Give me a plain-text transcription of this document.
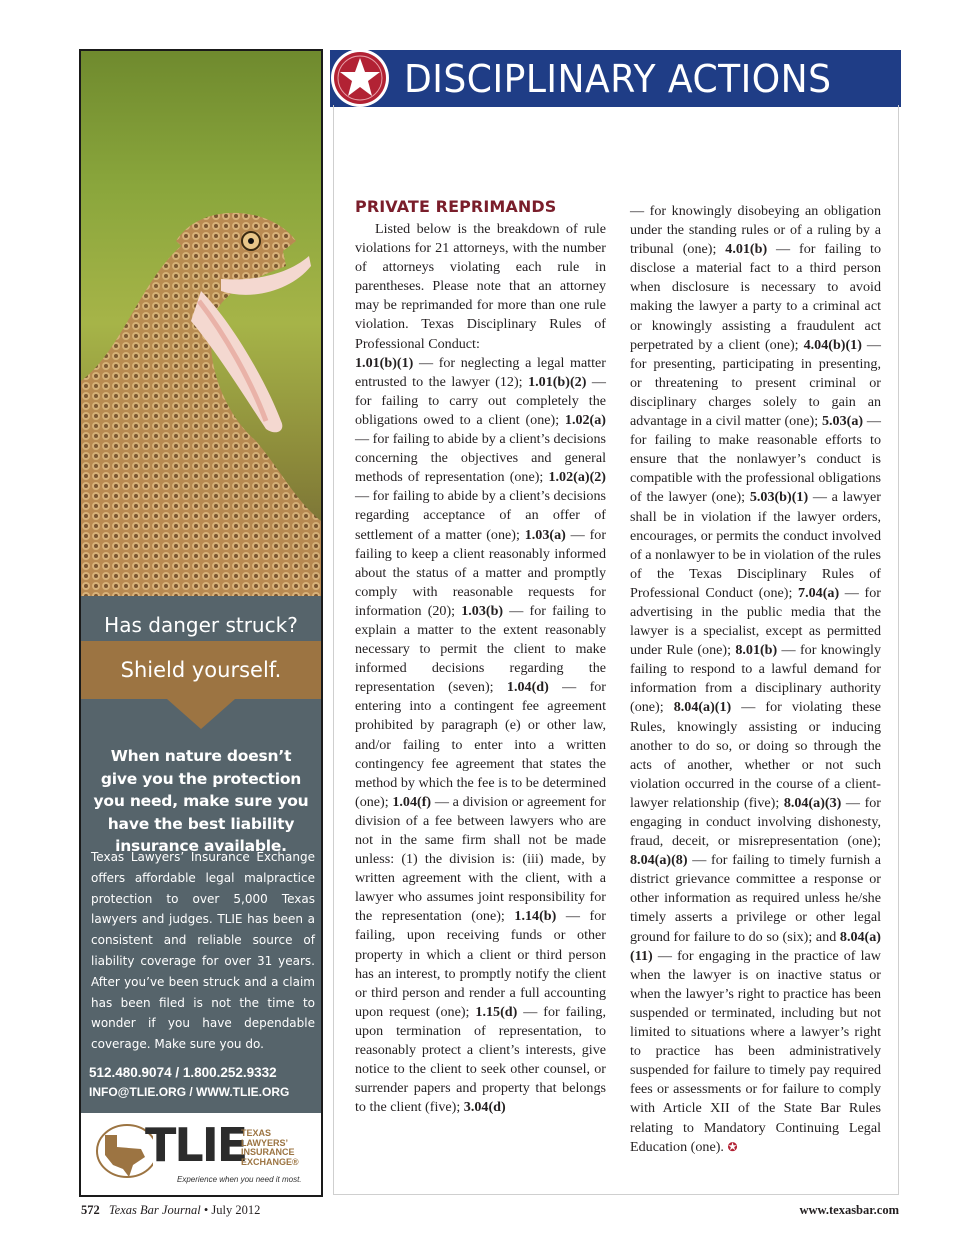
Has danger struck?
Shield yourself.
When nature doesn’t give you the protection you need, make sure you have the best liability insurance available.
Texas Lawyers’ Insurance Exchange offers affordable legal malpractice protection to over 5,000 Texas lawyers and judges. TLIE has been a consistent and reliable source of liability coverage for over 31 years. After you’ve been struck and a claim has been filed is not the time to wonder if you have dependable coverage. Make sure you do.
512.480.9074 / 1.800.252.9332
INFO@TLIE.ORG / WWW.TLIE.ORG
TLIE
TEXAS
LAWYERS’
INSURANCE
EXCHANGE®
Experience when you need it most.
DISCIPLINARY ACTIONS
PRIVATE REPRIMANDS

Listed below is the breakdown of rule violations for 21 attorneys, with the number of attorneys violating each rule in parentheses. Please note that an attorney may be reprimanded for more than one rule violation. Texas Disciplinary Rules of Professional Conduct:

1.01(b)(1) — for neglecting a legal matter entrusted to the lawyer (12); 1.01(b)(2) — for failing to carry out completely the obligations owed to a client (one); 1.02(a) — for failing to abide by a client’s decisions concerning the objectives and general methods of representation (one); 1.02(a)(2) — for failing to abide by a client’s decisions regarding acceptance of an offer of settlement of a matter (one); 1.03(a) — for failing to keep a client reasonably informed about the status of a matter and promptly comply with reasonable requests for information (20); 1.03(b) — for failing to explain a matter to the extent reasonably necessary to permit the client to make informed decisions regarding the representation (seven); 1.04(d) — for entering into a contingent fee agreement prohibited by paragraph (e) or other law, and/or failing to enter into a written contingency fee agreement that states the method by which the fee is to be determined (one); 1.04(f) — a division or agreement for division of a fee between lawyers who are not in the same firm shall not be made unless: (1) the division is: (iii) made, by written agreement with the client, with a lawyer who assumes joint responsibility for the representation (one); 1.14(b) — for failing, upon receiving funds or other property in which a client or third person has an interest, to promptly notify the client or third person and render a full accounting upon request (one); 1.15(d) — for failing, upon termination of representation, to reasonably protect a client’s interests, give notice to the client to seek other counsel, or surrender papers and property that belongs to the client (five); 3.04(d)

— for knowingly disobeying an obligation under the standing rules or of a ruling by a tribunal (one); 4.01(b) — for failing to disclose a material fact to a third person when disclosure is necessary to avoid making the lawyer a party to a criminal act or knowingly assisting a fraudulent act perpetrated by a client (one); 4.04(b)(1) — for presenting, participating in presenting, or threatening to present criminal or disciplinary charges solely to gain an advantage in a civil matter (one); 5.03(a) — for failing to make reasonable efforts to ensure that the nonlawyer’s conduct is compatible with the professional obligations of the lawyer (one); 5.03(b)(1) — a lawyer shall be in violation if the lawyer orders, encourages, or permits the conduct involved of a nonlawyer to be in violation of the rules of the Texas Disciplinary Rules of Professional Conduct (one); 7.04(a) — for advertising in the public media that the lawyer is a specialist, except as permitted under Rule (one); 8.01(b) — for knowingly failing to respond to a lawful demand for information from a disciplinary authority (one); 8.04(a)(1) — for violating these Rules, knowingly assisting or inducing another to do so, or doing so through the acts of another, whether or not such violation occurred in the course of a client-lawyer relationship (five); 8.04(a)(3) — for engaging in conduct involving dishonesty, fraud, deceit, or misrepresentation (one); 8.04(a)(8) — for failing to timely furnish a district grievance committee a response or other information as required unless he/she timely asserts a privilege or other legal ground for failure to do so (six); and 8.04(a)(11) — for engaging in the practice of law when the lawyer is on inactive status or when the lawyer’s right to practice has been suspended or terminated, including but not limited to situations where a lawyer’s right to practice has been administratively suspended for failure to timely pay required fees or assessments or for failure to comply with Article XII of the State Bar Rules relating to Mandatory Continuing Legal Education (one). ✪

572 Texas Bar Journal • July 2012	www.texasbar.com
